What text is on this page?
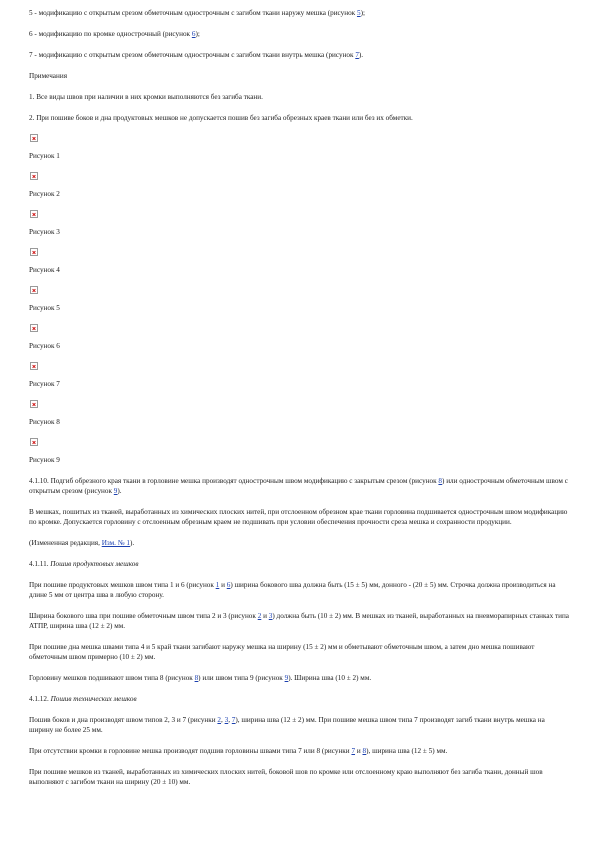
5 - модификацию с открытым срезом обметочным однострочным с загибом ткани наружу мешка (рисунок 5);

6 - модификацию по кромке однострочный (рисунок 6);

7 - модификацию с открытым срезом обметочным однострочным с загибом ткани внутрь мешка (рисунок 7).

Примечания

1. Все виды швов при наличии в них кромки выполняются без загиба ткани.

2. При пошиве боков и дна продуктовых мешков не допускается пошив без загиба обрезных краев ткани или без их обметки.

Рисунок 1

Рисунок 2

Рисунок 3

Рисунок 4

Рисунок 5

Рисунок 6

Рисунок 7

Рисунок 8

Рисунок 9

4.1.10. Подгиб обрезного края ткани в горловине мешка производят однострочным швом модификацию с закрытым срезом (рисунок 8) или однострочным обметочным швом с открытым срезом (рисунок 9).

В мешках, пошитых из тканей, выработанных из химических плоских нитей, при отслоенном обрезном крае ткани горловина подшивается однострочным швом модификацию по кромке. Допускается горловину с отслоенным обрезным краем не подшивать при условии обеспечения прочности среза мешка и сохранности продукции.

(Измененная редакция, Изм. № 1).

4.1.11. Пошив продуктовых мешков

При пошиве продуктовых мешков швом типа 1 и 6 (рисунок 1 и 6) ширина бокового шва должна быть (15 ± 5) мм, донного - (20 ± 5) мм. Строчка должна производиться на длине 5 мм от центра шва в любую сторону.

Ширина бокового шва при пошиве обметочным швом типа 2 и 3 (рисунок 2 и 3) должна быть (10 ± 2) мм. В мешках из тканей, выработанных на пневморапирных станках типа АТПР, ширина шва (12 ± 2) мм.

При пошиве дна мешка швами типа 4 и 5 край ткани загибают наружу мешка на ширину (15 ± 2) мм и обметывают обметочным швом, а затем дно мешка пошивают обметочным швом примерно (10 ± 2) мм.

Горловину мешков подшивают швом типа 8 (рисунок 8) или швом типа 9 (рисунок 9). Ширина шва (10 ± 2) мм.

4.1.12. Пошив технических мешков

Пошив боков и дна производят швом типов 2, 3 и 7 (рисунки 2, 3, 7), ширина шва (12 ± 2) мм. При пошиве мешка швом типа 7 производят загиб ткани внутрь мешка на ширину не более 25 мм.

При отсутствии кромки в горловине мешка производят подшив горловины швами типа 7 или 8 (рисунки 7 и 8), ширина шва (12 ± 5) мм.

При пошиве мешков из тканей, выработанных из химических плоских нитей, боковой шов по кромке или отслоенному краю выполняют без загиба ткани, донный шов выполняют с загибом ткани на ширину (20 ± 10) мм.
